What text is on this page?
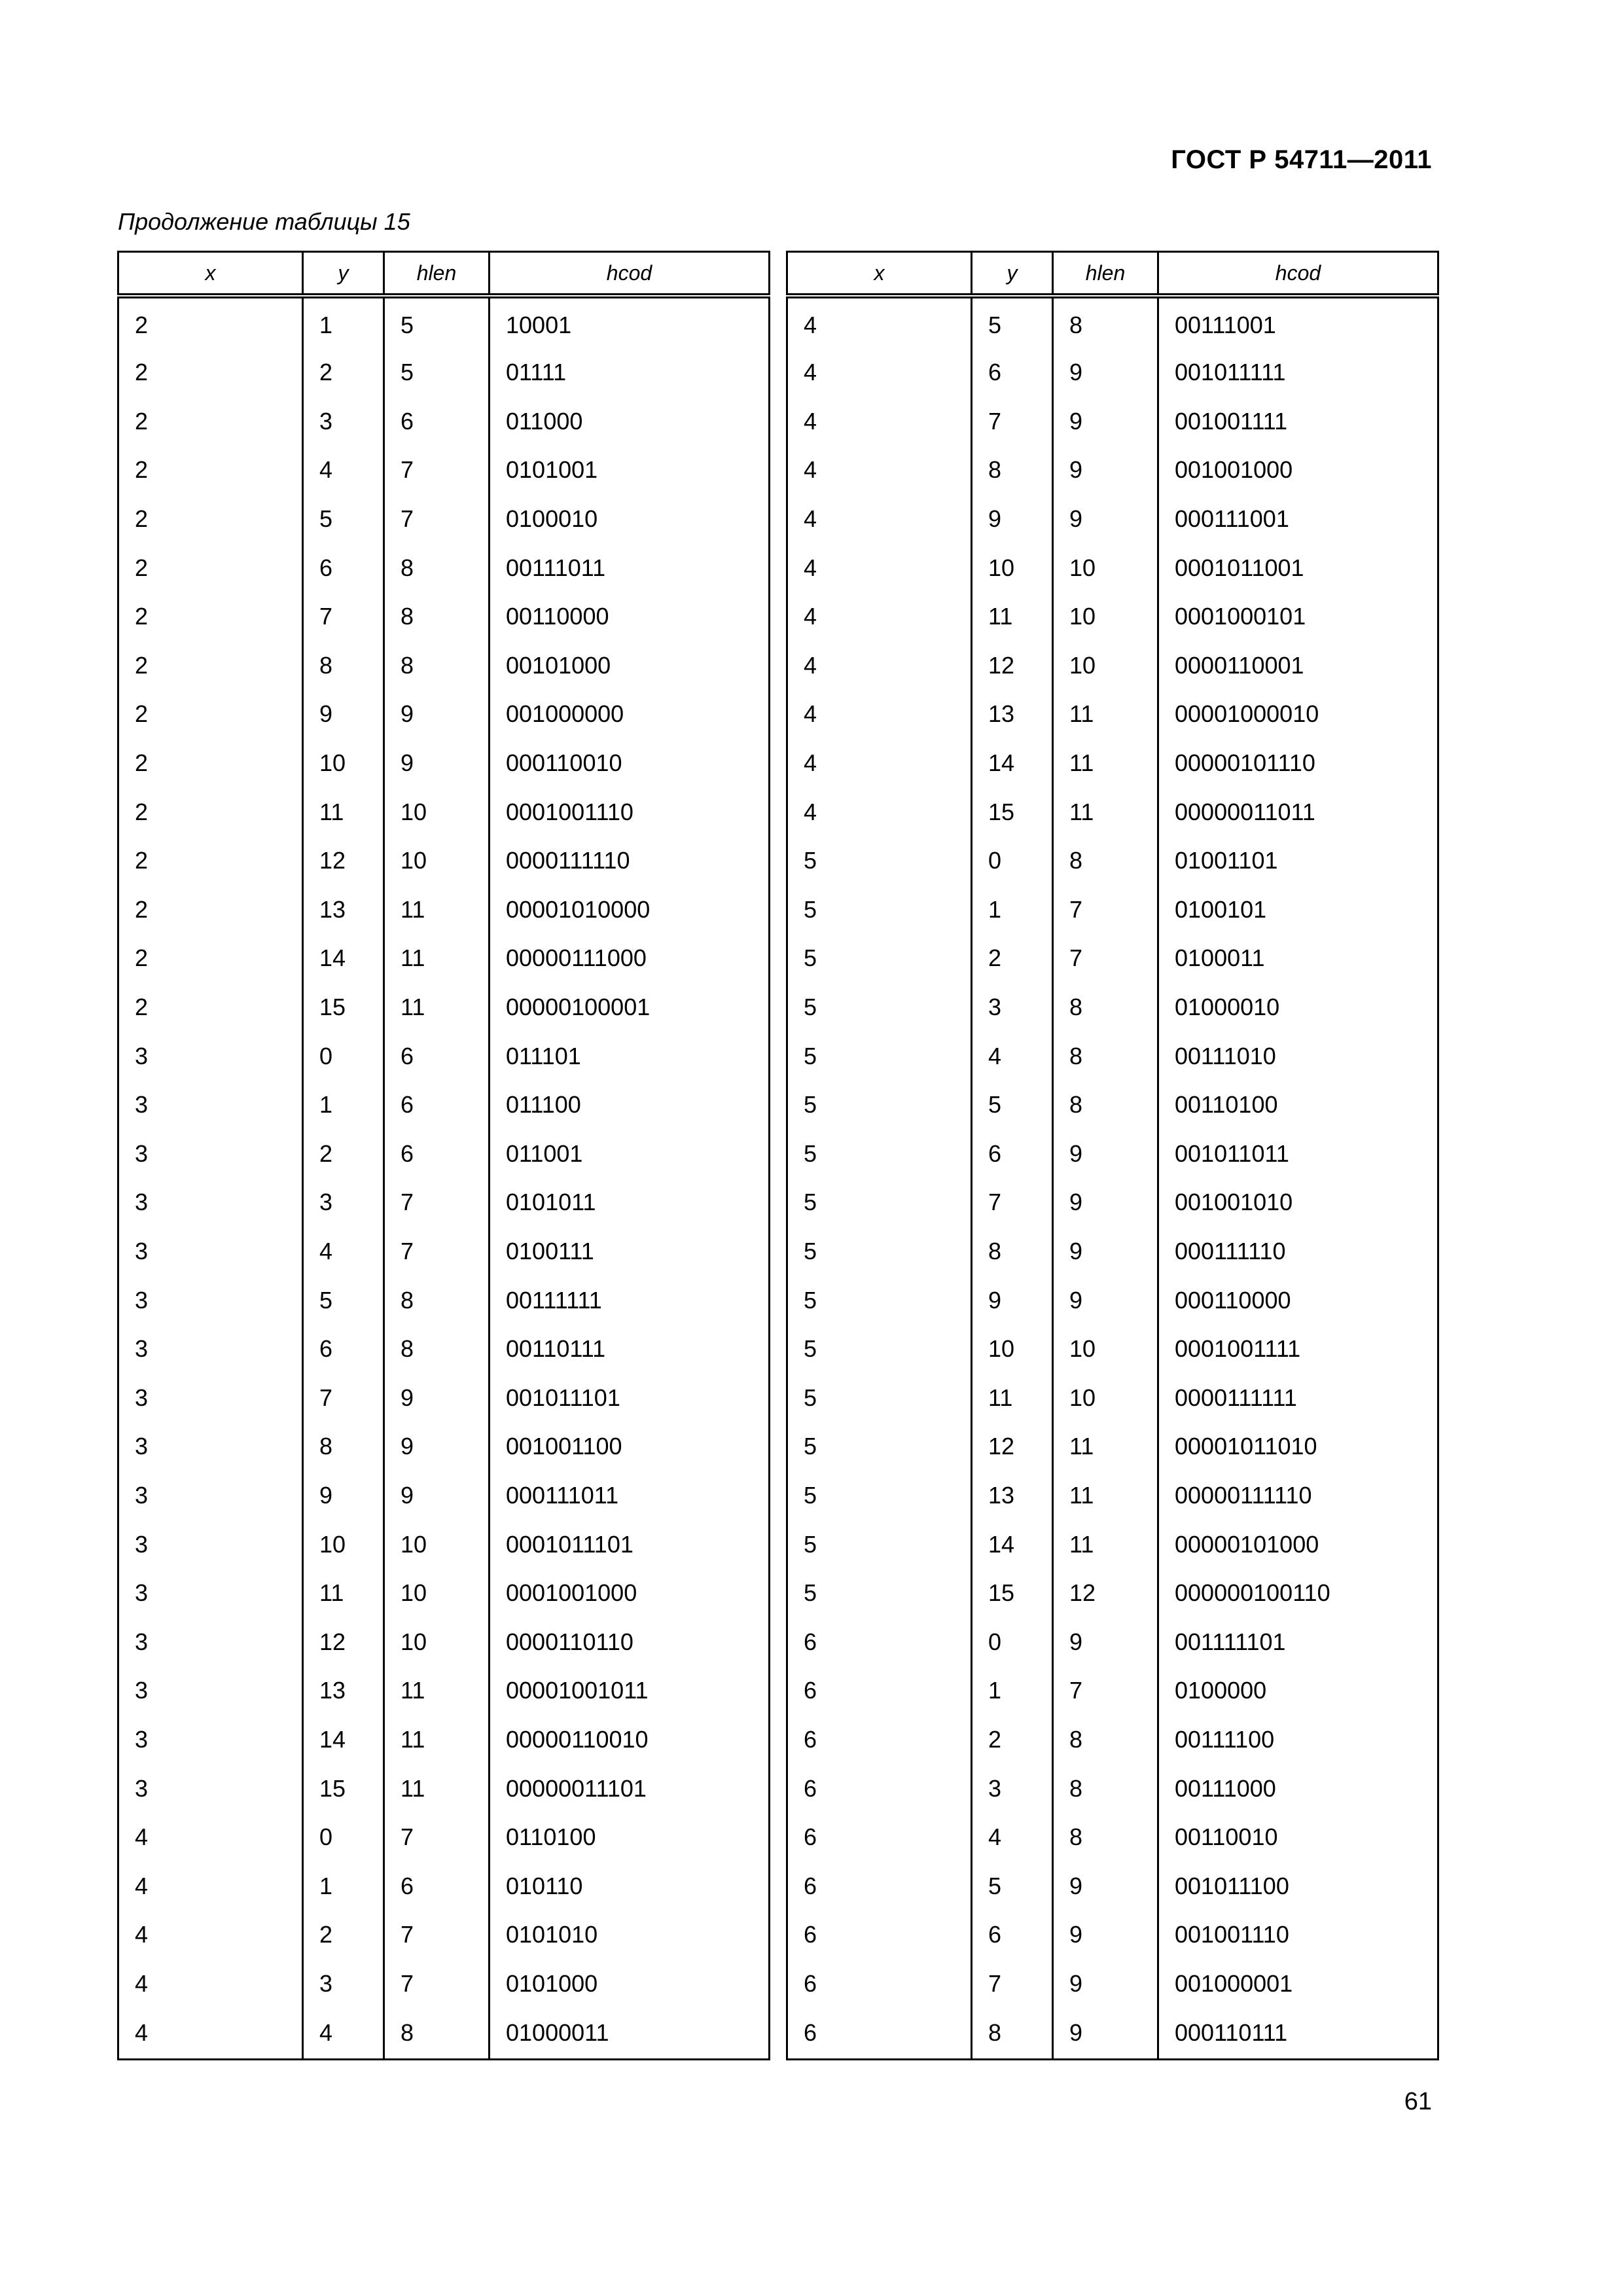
ГОСТ Р 54711—2011
Продолжение таблицы 15
x	y	hlen	hcod
2	1	5	10001
2	2	5	01111
2	3	6	011000
2	4	7	0101001
2	5	7	0100010
2	6	8	00111011
2	7	8	00110000
2	8	8	00101000
2	9	9	001000000
2	10	9	000110010
2	11	10	0001001110
2	12	10	0000111110
2	13	11	00001010000
2	14	11	00000111000
2	15	11	00000100001
3	0	6	011101
3	1	6	011100
3	2	6	011001
3	3	7	0101011
3	4	7	0100111
3	5	8	00111111
3	6	8	00110111
3	7	9	001011101
3	8	9	001001100
3	9	9	000111011
3	10	10	0001011101
3	11	10	0001001000
3	12	10	0000110110
3	13	11	00001001011
3	14	11	00000110010
3	15	11	00000011101
4	0	7	0110100
4	1	6	010110
4	2	7	0101010
4	3	7	0101000
4	4	8	01000011
x	y	hlen	hcod
4	5	8	00111001
4	6	9	001011111
4	7	9	001001111
4	8	9	001001000
4	9	9	000111001
4	10	10	0001011001
4	11	10	0001000101
4	12	10	0000110001
4	13	11	00001000010
4	14	11	00000101110
4	15	11	00000011011
5	0	8	01001101
5	1	7	0100101
5	2	7	0100011
5	3	8	01000010
5	4	8	00111010
5	5	8	00110100
5	6	9	001011011
5	7	9	001001010
5	8	9	000111110
5	9	9	000110000
5	10	10	0001001111
5	11	10	0000111111
5	12	11	00001011010
5	13	11	00000111110
5	14	11	00000101000
5	15	12	000000100110
6	0	9	001111101
6	1	7	0100000
6	2	8	00111100
6	3	8	00111000
6	4	8	00110010
6	5	9	001011100
6	6	9	001001110
6	7	9	001000001
6	8	9	000110111
61
